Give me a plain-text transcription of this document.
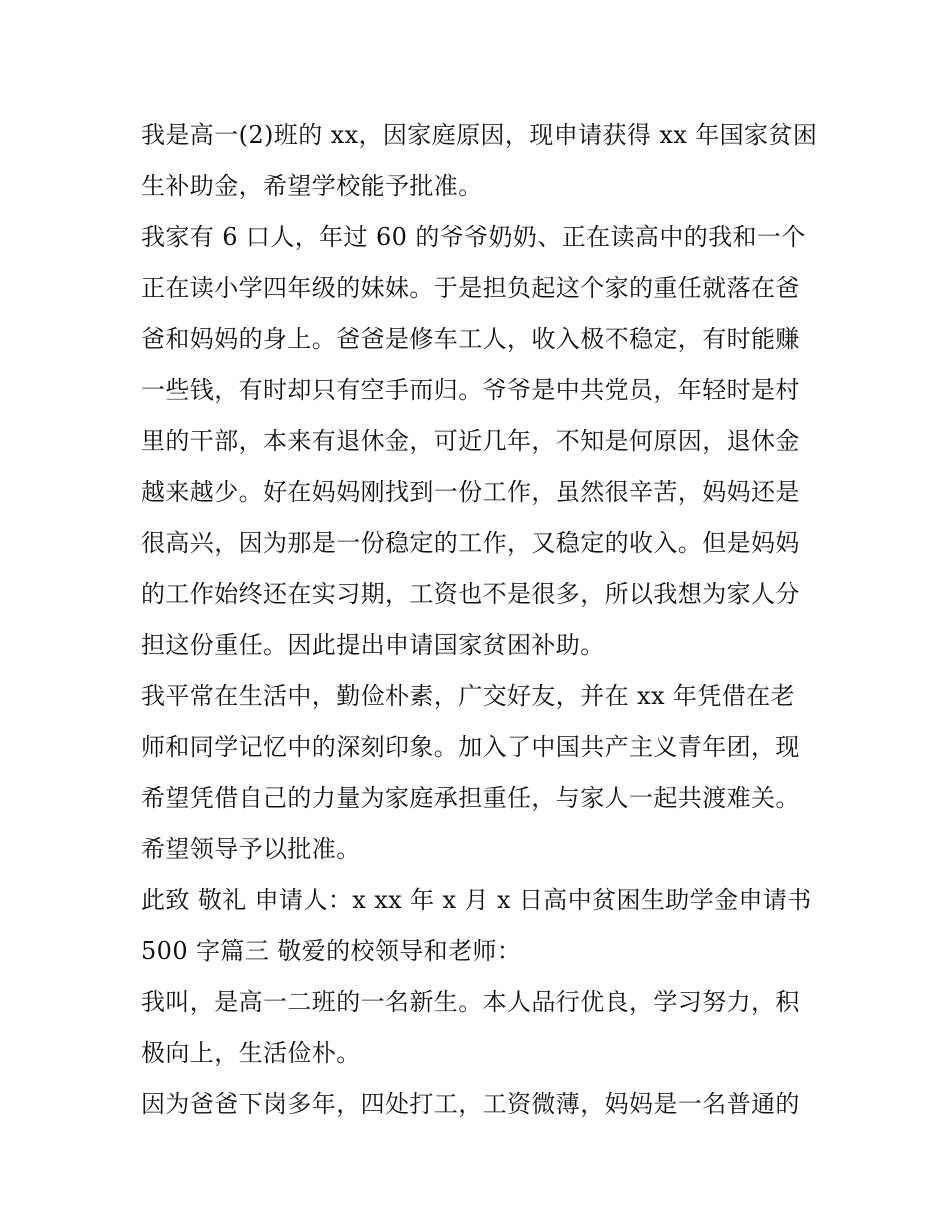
我是高一(2)班的 xx，因家庭原因，现申请获得 xx 年国家贫困
生补助金，希望学校能予批准。
我家有 6 口人，年过 60 的爷爷奶奶、正在读高中的我和一个
正在读小学四年级的妹妹。于是担负起这个家的重任就落在爸
爸和妈妈的身上。爸爸是修车工人，收入极不稳定，有时能赚
一些钱，有时却只有空手而归。爷爷是中共党员，年轻时是村
里的干部，本来有退休金，可近几年，不知是何原因，退休金
越来越少。好在妈妈刚找到一份工作，虽然很辛苦，妈妈还是
很高兴，因为那是一份稳定的工作，又稳定的收入。但是妈妈
的工作始终还在实习期，工资也不是很多，所以我想为家人分
担这份重任。因此提出申请国家贫困补助。
我平常在生活中，勤俭朴素，广交好友，并在 xx 年凭借在老
师和同学记忆中的深刻印象。加入了中国共产主义青年团，现
希望凭借自己的力量为家庭承担重任，与家人一起共渡难关。
希望领导予以批准。
此致 敬礼 申请人：x xx 年 x 月 x 日高中贫困生助学金申请书
500 字篇三 敬爱的校领导和老师：
我叫，是高一二班的一名新生。本人品行优良，学习努力，积
极向上，生活俭朴。
因为爸爸下岗多年，四处打工，工资微薄，妈妈是一名普通的
